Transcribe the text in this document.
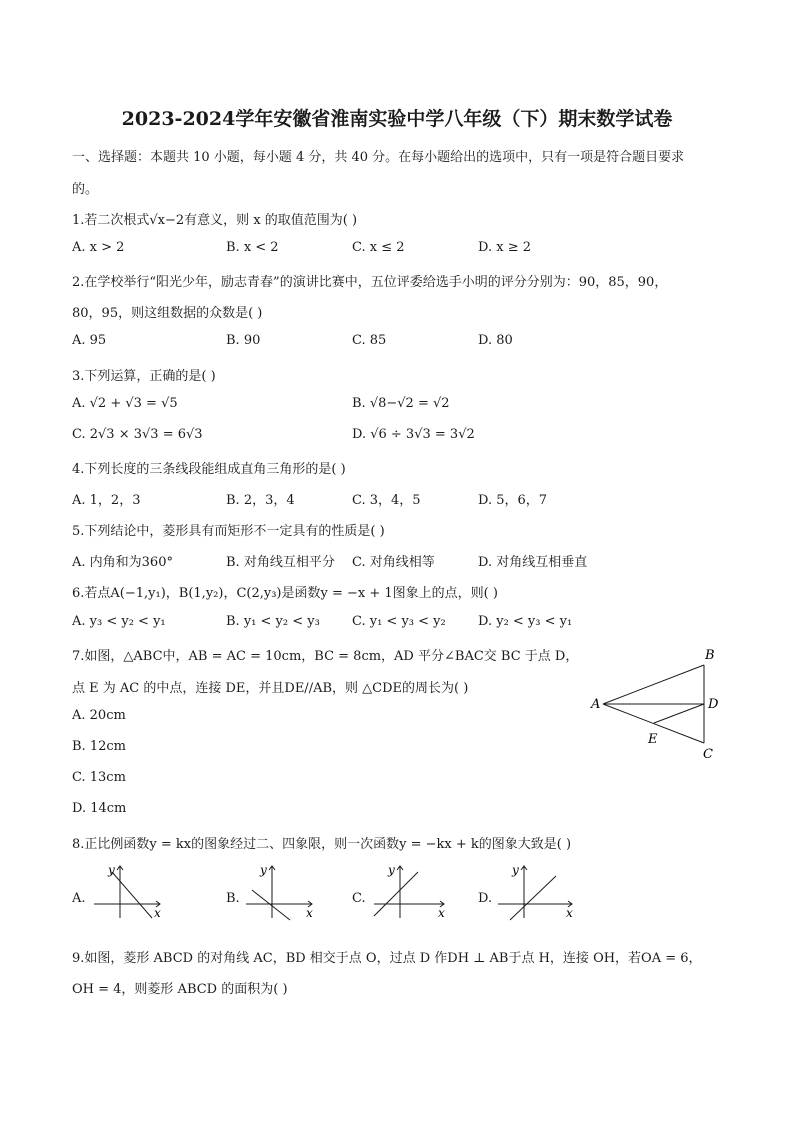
2023-2024学年安徽省淮南实验中学八年级（下）期末数学试卷
一、选择题：本题共 10 小题，每小题 4 分，共 40 分。在每小题给出的选项中，只有一项是符合题目要求
的。
1.若二次根式√x−2有意义，则 x 的取值范围为( )
A. x > 2	B. x < 2	C. x ≤ 2	D. x ≥ 2
2.在学校举行“阳光少年，励志青春”的演讲比赛中，五位评委给选手小明的评分分别为：90，85，90，
80，95，则这组数据的众数是( )
A. 95	B. 90	C. 85	D. 80
3.下列运算，正确的是( )
A. √2 + √3 = √5	B. √8−√2 = √2
C. 2√3 × 3√3 = 6√3	D. √6 ÷ 3√3 = 3√2
4.下列长度的三条线段能组成直角三角形的是( )
A. 1，2，3	B. 2，3，4	C. 3，4，5	D. 5，6，7
5.下列结论中，菱形具有而矩形不一定具有的性质是( )
A. 内角和为360°	B. 对角线互相平分 C. 对角线相等	D. 对角线互相垂直
6.若点A(−1,y₁)，B(1,y₂)，C(2,y₃)是函数y = −x + 1图象上的点，则( )
A. y₃ < y₂ < y₁	B. y₁ < y₂ < y₃ C. y₁ < y₃ < y₂ D. y₂ < y₃ < y₁
7.如图，△ABC中，AB = AC = 10cm，BC = 8cm，AD 平分∠BAC交 BC 于点 D，
点 E 为 AC 的中点，连接 DE，并且DE//AB，则 △CDE的周长为( )
A. 20cm
B. 12cm
C. 13cm
D. 14cm
A
B
C
D
E
8.正比例函数y = kx的图象经过二、四象限，则一次函数y = −kx + k的图象大致是( )
A.
y
x
B.
y
x
C.
y
x
D.
y
x
9.如图，菱形 ABCD 的对角线 AC，BD 相交于点 O，过点 D 作DH ⊥ AB于点 H，连接 OH，若OA = 6，
OH = 4，则菱形 ABCD 的面积为( )
